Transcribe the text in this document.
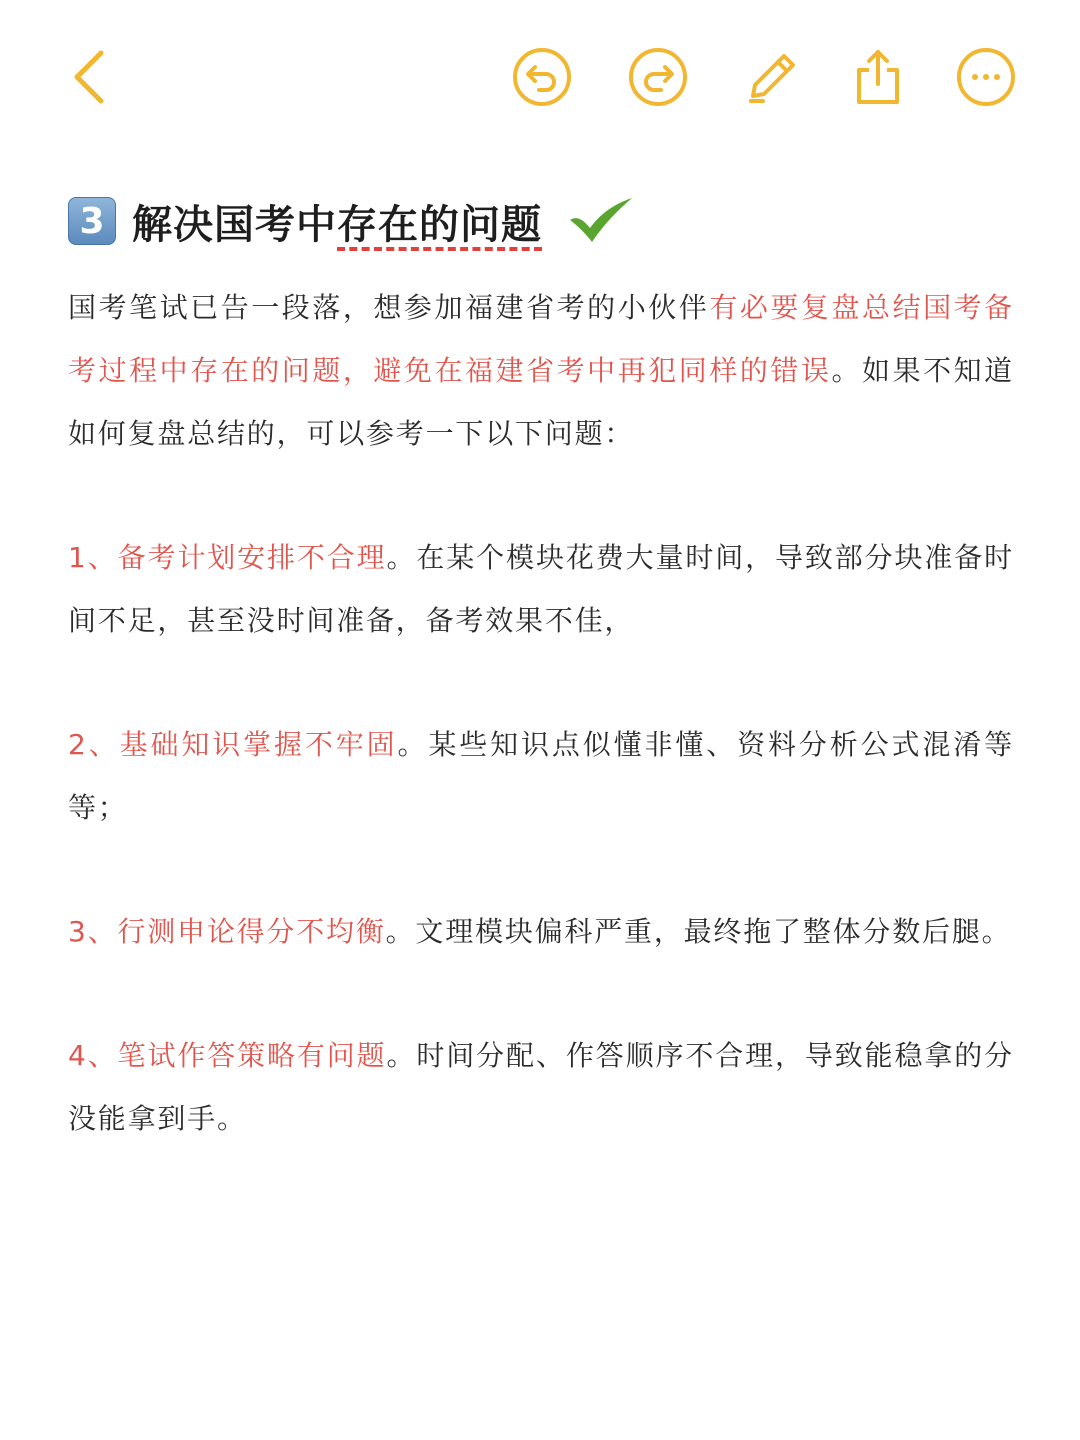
3 解决国考中存在的问题

国考笔试已告一段落，想参加福建省考的小伙伴有必要复盘总结国考备考过程中存在的问题，避免在福建省考中再犯同样的错误。如果不知道如何复盘总结的，可以参考一下以下问题：

1、备考计划安排不合理。在某个模块花费大量时间，导致部分块准备时间不足，甚至没时间准备，备考效果不佳，

2、基础知识掌握不牢固。某些知识点似懂非懂、资料分析公式混淆等等；

3、行测申论得分不均衡。文理模块偏科严重，最终拖了整体分数后腿。

4、笔试作答策略有问题。时间分配、作答顺序不合理，导致能稳拿的分没能拿到手。
